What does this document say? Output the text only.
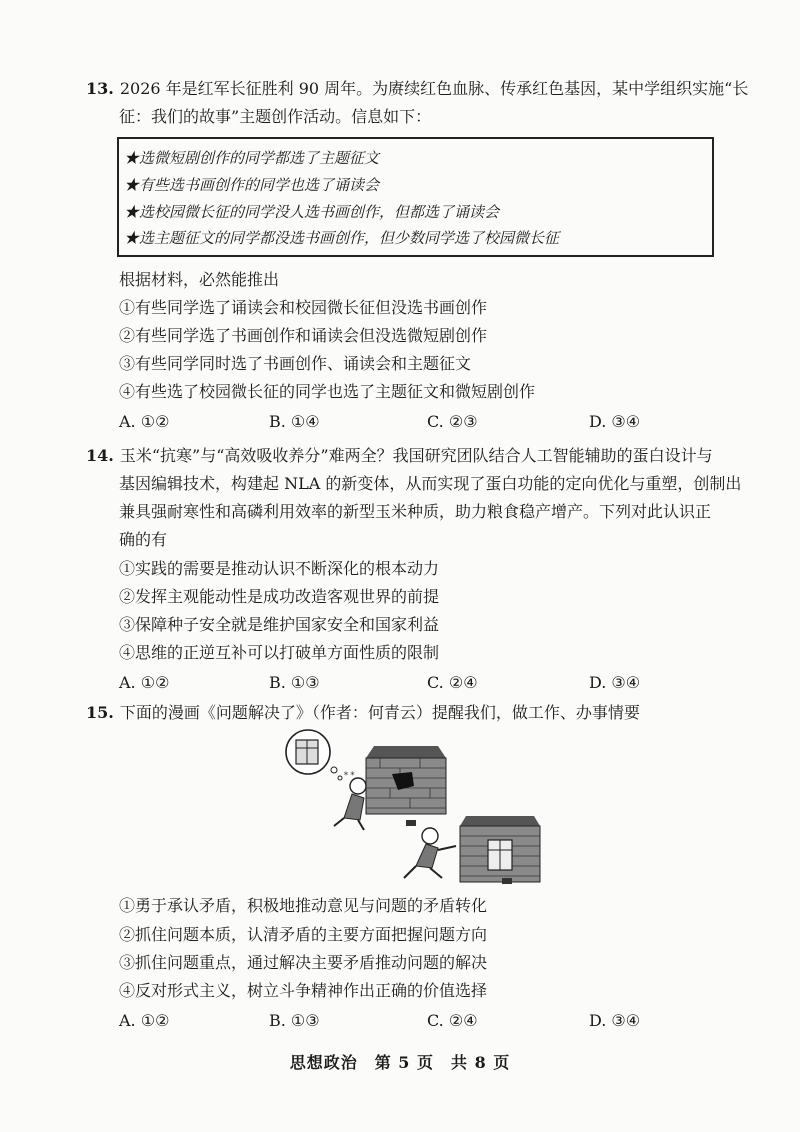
13. 2026 年是红军长征胜利 90 周年。为赓续红色血脉、传承红色基因，某中学组织实施“长
征：我们的故事”主题创作活动。信息如下：
★选微短剧创作的同学都选了主题征文
★有些选书画创作的同学也选了诵读会
★选校园微长征的同学没人选书画创作，但都选了诵读会
★选主题征文的同学都没选书画创作，但少数同学选了校园微长征
根据材料，必然能推出
①有些同学选了诵读会和校园微长征但没选书画创作
②有些同学选了书画创作和诵读会但没选微短剧创作
③有些同学同时选了书画创作、诵读会和主题征文
④有些选了校园微长征的同学也选了主题征文和微短剧创作
A. ①②	B. ①④	C. ②③	D. ③④
14. 玉米“抗寒”与“高效吸收养分”难两全？我国研究团队结合人工智能辅助的蛋白设计与
基因编辑技术，构建起 NLA 的新变体，从而实现了蛋白功能的定向优化与重塑，创制出
兼具强耐寒性和高磷利用效率的新型玉米种质，助力粮食稳产增产。下列对此认识正
确的有
①实践的需要是推动认识不断深化的根本动力
②发挥主观能动性是成功改造客观世界的前提
③保障种子安全就是维护国家安全和国家利益
④思维的正逆互补可以打破单方面性质的限制
A. ①②	B. ①③	C. ②④	D. ③④
15. 下面的漫画《问题解决了》（作者：何青云）提醒我们，做工作、办事情要
* *
①勇于承认矛盾，积极地推动意见与问题的矛盾转化
②抓住问题本质，认清矛盾的主要方面把握问题方向
③抓住问题重点，通过解决主要矛盾推动问题的解决
④反对形式主义，树立斗争精神作出正确的价值选择
A. ①②	B. ①③	C. ②④	D. ③④
思想政治　第 5 页　共 8 页
